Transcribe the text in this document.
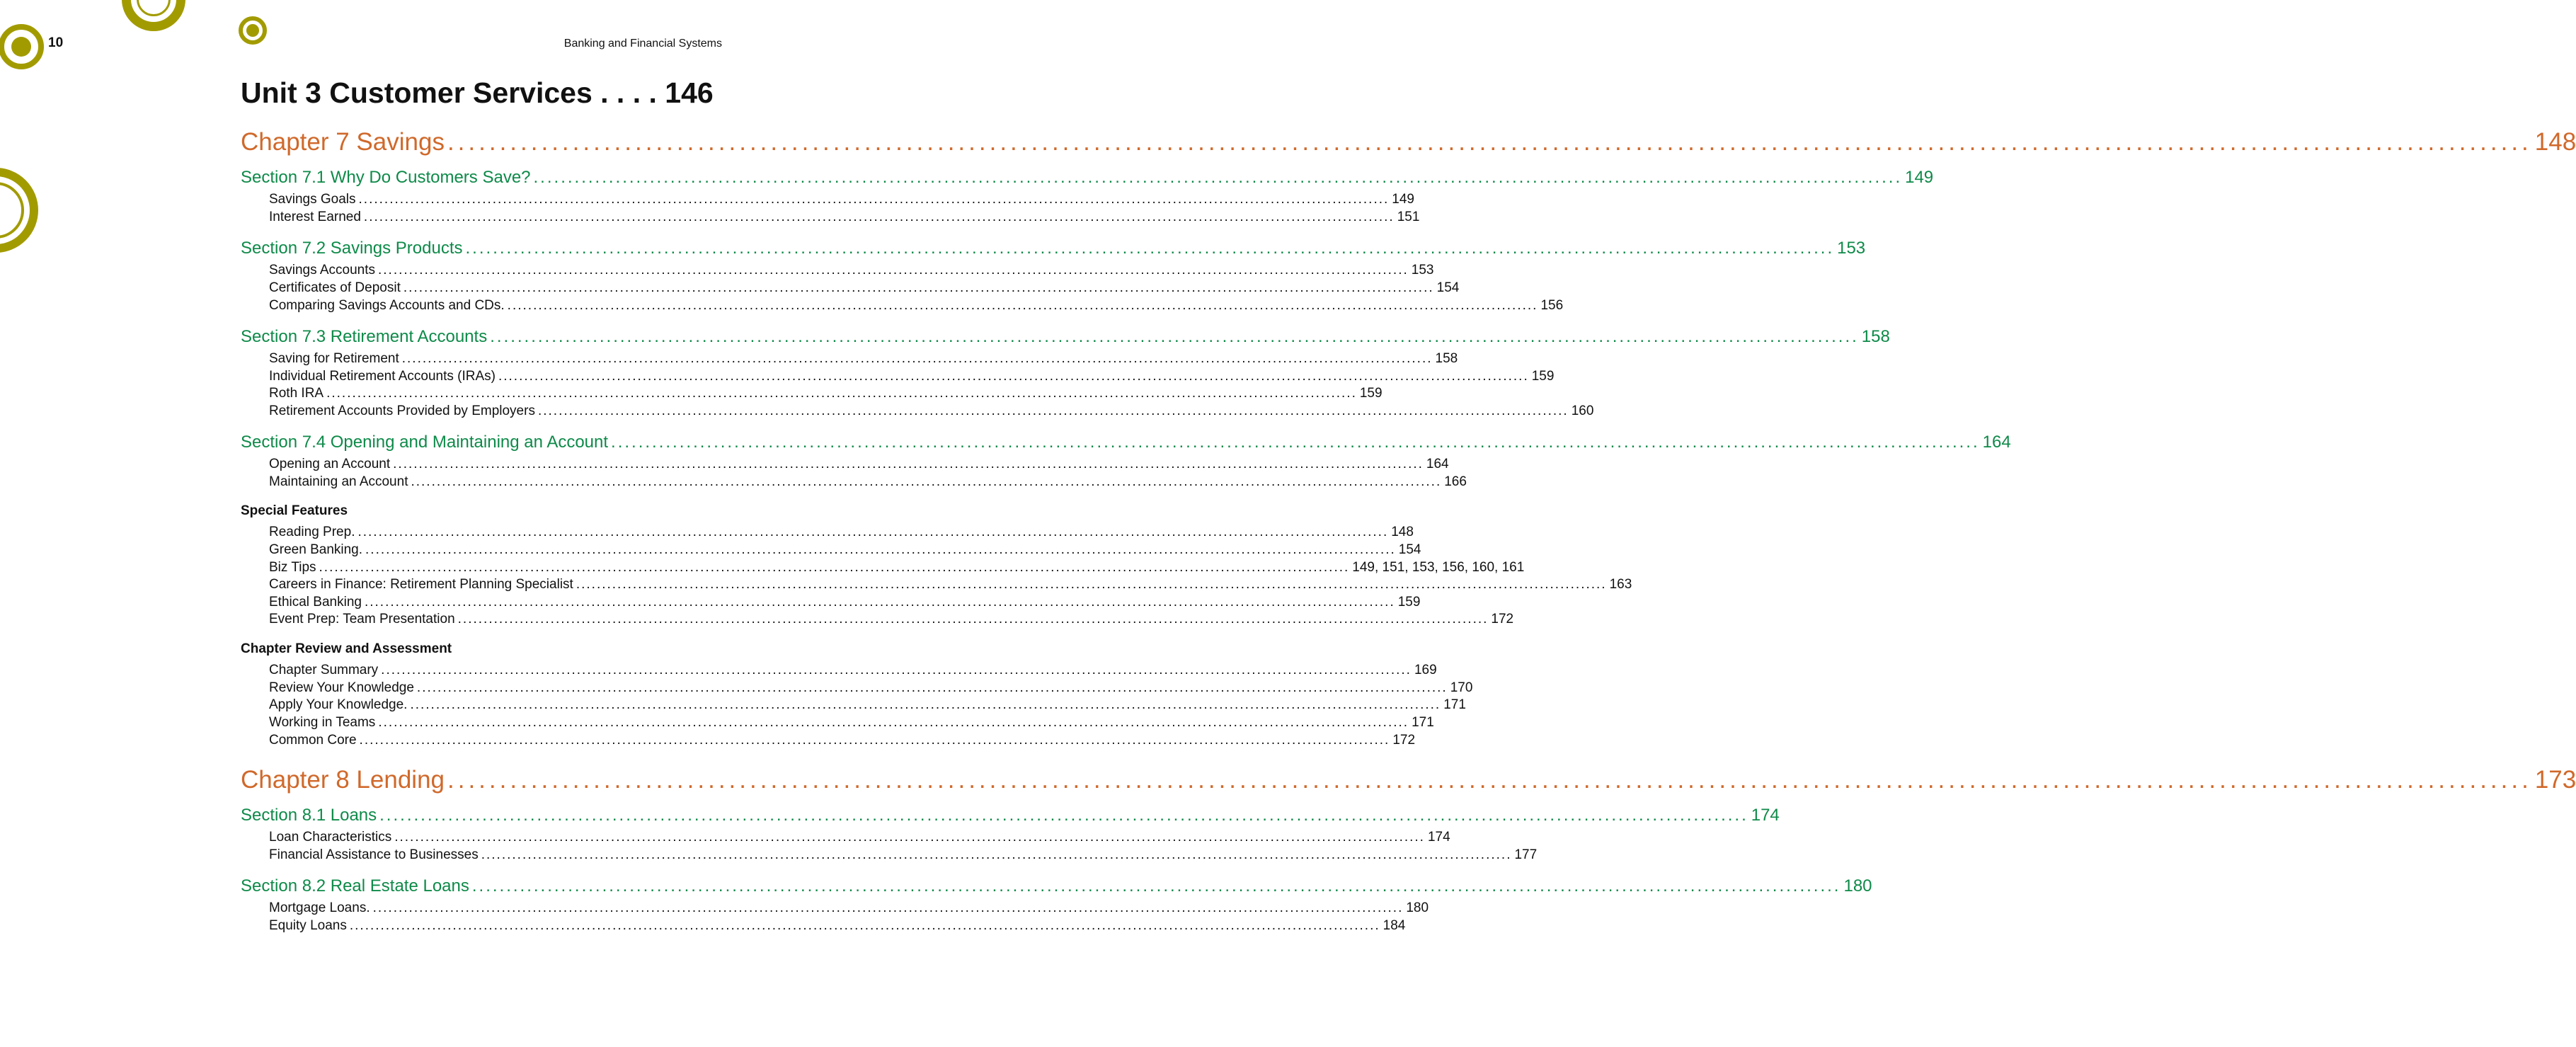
10	Banking and Financial Systems
Unit 3 Customer Services . . . . 146
Chapter 7 Savings ........................................................................................................................................................................................................ 148
Section 7.1 Why Do Customers Save? ........................................................................................................................................................................................................ 149
Savings Goals ........................................................................................................................................................................................................ 149
Interest Earned ........................................................................................................................................................................................................ 151
Section 7.2 Savings Products ........................................................................................................................................................................................................ 153
Savings Accounts ........................................................................................................................................................................................................ 153
Certificates of Deposit ........................................................................................................................................................................................................ 154
Comparing Savings Accounts and CDs. ........................................................................................................................................................................................................ 156
Section 7.3 Retirement Accounts ........................................................................................................................................................................................................ 158
Saving for Retirement ........................................................................................................................................................................................................ 158
Individual Retirement Accounts (IRAs) ........................................................................................................................................................................................................ 159
Roth IRA ........................................................................................................................................................................................................ 159
Retirement Accounts Provided by Employers ........................................................................................................................................................................................................ 160
Section 7.4 Opening and Maintaining an Account ........................................................................................................................................................................................................ 164
Opening an Account ........................................................................................................................................................................................................ 164
Maintaining an Account ........................................................................................................................................................................................................ 166
Special Features
Reading Prep. ........................................................................................................................................................................................................ 148
Green Banking. ........................................................................................................................................................................................................ 154
Biz Tips ........................................................................................................................................................................................................ 149, 151, 153, 156, 160, 161
Careers in Finance: Retirement Planning Specialist ........................................................................................................................................................................................................ 163
Ethical Banking ........................................................................................................................................................................................................ 159
Event Prep: Team Presentation ........................................................................................................................................................................................................ 172
Chapter Review and Assessment
Chapter Summary ........................................................................................................................................................................................................ 169
Review Your Knowledge ........................................................................................................................................................................................................ 170
Apply Your Knowledge. ........................................................................................................................................................................................................ 171
Working in Teams ........................................................................................................................................................................................................ 171
Common Core ........................................................................................................................................................................................................ 172
Chapter 8 Lending ........................................................................................................................................................................................................ 173
Section 8.1 Loans ........................................................................................................................................................................................................ 174
Loan Characteristics ........................................................................................................................................................................................................ 174
Financial Assistance to Businesses ........................................................................................................................................................................................................ 177
Section 8.2 Real Estate Loans ........................................................................................................................................................................................................ 180
Mortgage Loans. ........................................................................................................................................................................................................ 180
Equity Loans ........................................................................................................................................................................................................ 184
